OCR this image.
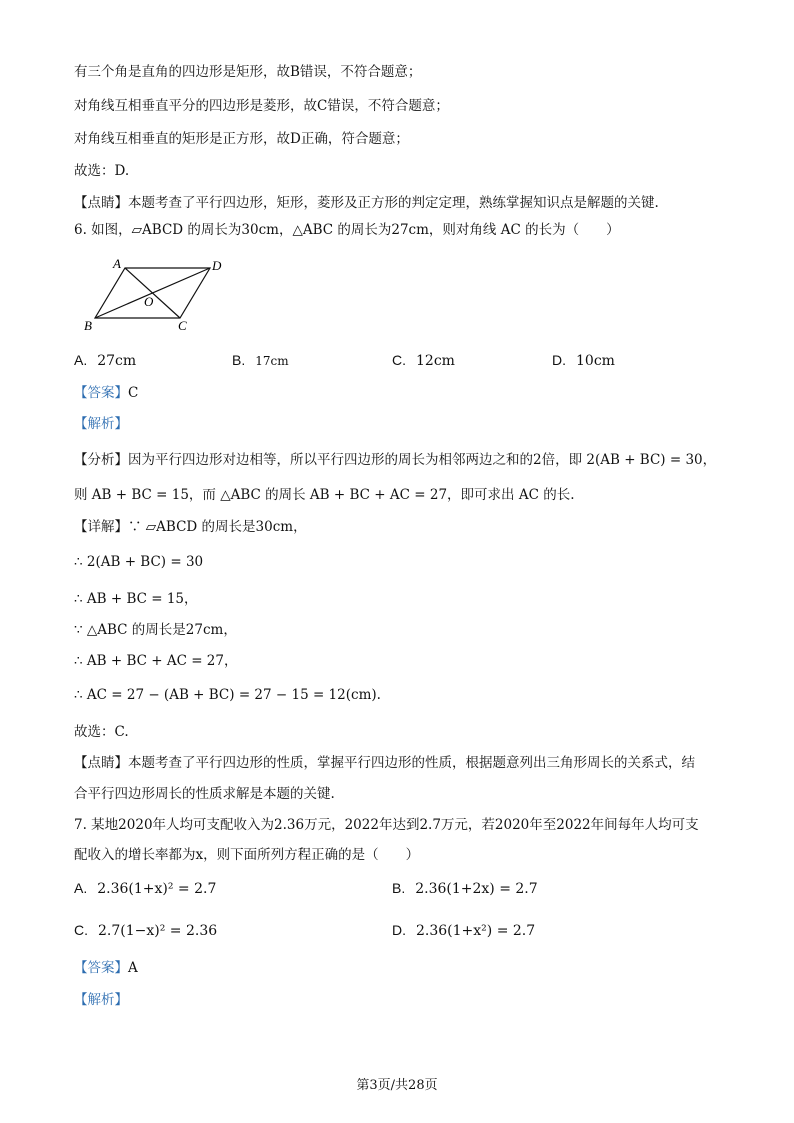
有三个角是直角的四边形是矩形，故B错误，不符合题意；
对角线互相垂直平分的四边形是菱形，故C错误，不符合题意；
对角线互相垂直的矩形是正方形，故D正确，符合题意；
故选：D.
【点睛】本题考查了平行四边形，矩形，菱形及正方形的判定定理，熟练掌握知识点是解题的关键.
6. 如图，▱ABCD 的周长为30cm，△ABC 的周长为27cm，则对角线 AC 的长为（　　）
A	D
O
B	C
A. 27cm	B. 17cm	C. 12cm	D. 10cm
【答案】C
【解析】
【分析】因为平行四边形对边相等，所以平行四边形的周长为相邻两边之和的2倍，即 2(AB + BC) = 30，
则 AB + BC = 15，而 △ABC 的周长 AB + BC + AC = 27，即可求出 AC 的长.
【详解】∵ ▱ABCD 的周长是30cm，
∴ 2(AB + BC) = 30
∴ AB + BC = 15，
∵ △ABC 的周长是27cm，
∴ AB + BC + AC = 27，
∴ AC = 27 − (AB + BC) = 27 − 15 = 12(cm).
故选：C.
【点睛】本题考查了平行四边形的性质，掌握平行四边形的性质，根据题意列出三角形周长的关系式，结
合平行四边形周长的性质求解是本题的关键.
7. 某地2020年人均可支配收入为2.36万元，2022年达到2.7万元，若2020年至2022年间每年人均可支
配收入的增长率都为x，则下面所列方程正确的是（　　）
A. 2.36(1+x)² = 2.7	B. 2.36(1+2x) = 2.7
C. 2.7(1−x)² = 2.36	D. 2.36(1+x²) = 2.7
【答案】A
【解析】
第3页/共28页
